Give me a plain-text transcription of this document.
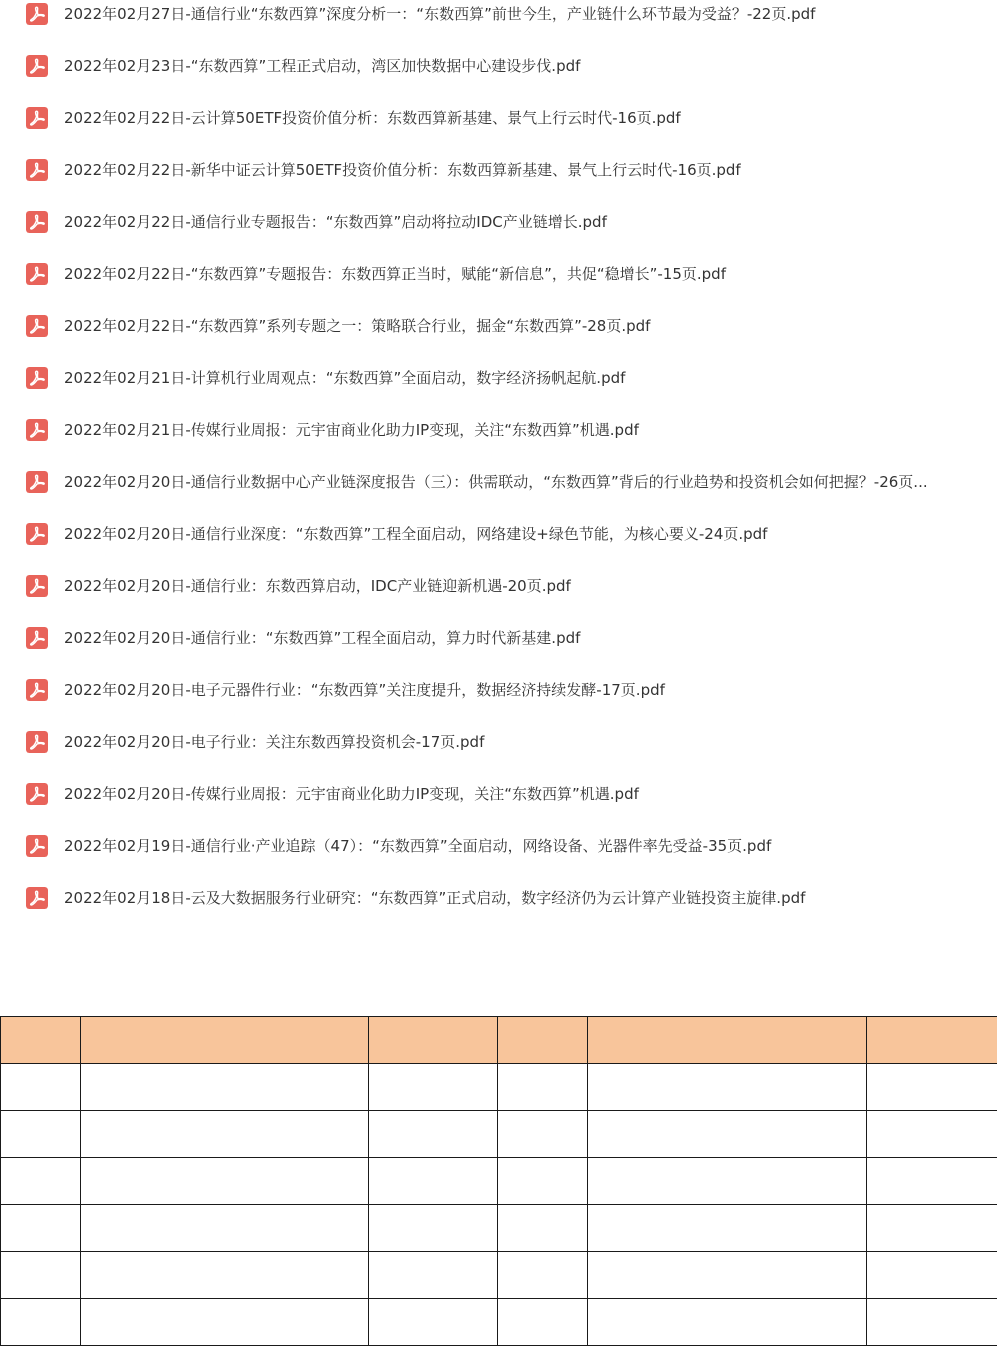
2022年02月27日-通信行业“东数西算”深度分析一：“东数西算”前世今生，产业链什么环节最为受益？-22页.pdf
2022年02月23日-“东数西算”工程正式启动，湾区加快数据中心建设步伐.pdf
2022年02月22日-云计算50ETF投资价值分析：东数西算新基建、景气上行云时代-16页.pdf
2022年02月22日-新华中证云计算50ETF投资价值分析：东数西算新基建、景气上行云时代-16页.pdf
2022年02月22日-通信行业专题报告：“东数西算”启动将拉动IDC产业链增长.pdf
2022年02月22日-“东数西算”专题报告：东数西算正当时，赋能“新信息”，共促“稳增长”-15页.pdf
2022年02月22日-“东数西算”系列专题之一：策略联合行业，掘金“东数西算”-28页.pdf
2022年02月21日-计算机行业周观点：“东数西算”全面启动，数字经济扬帆起航.pdf
2022年02月21日-传媒行业周报：元宇宙商业化助力IP变现，关注“东数西算”机遇.pdf
2022年02月20日-通信行业数据中心产业链深度报告（三）：供需联动，“东数西算”背后的行业趋势和投资机会如何把握？-26页...
2022年02月20日-通信行业深度：“东数西算”工程全面启动，网络建设+绿色节能，为核心要义-24页.pdf
2022年02月20日-通信行业：东数西算启动，IDC产业链迎新机遇-20页.pdf
2022年02月20日-通信行业：“东数西算”工程全面启动，算力时代新基建.pdf
2022年02月20日-电子元器件行业：“东数西算”关注度提升，数据经济持续发酵-17页.pdf
2022年02月20日-电子行业：关注东数西算投资机会-17页.pdf
2022年02月20日-传媒行业周报：元宇宙商业化助力IP变现，关注“东数西算”机遇.pdf
2022年02月19日-通信行业·产业追踪（47）：“东数西算”全面启动，网络设备、光器件率先受益-35页.pdf
2022年02月18日-云及大数据服务行业研究：“东数西算”正式启动，数字经济仍为云计算产业链投资主旋律.pdf
